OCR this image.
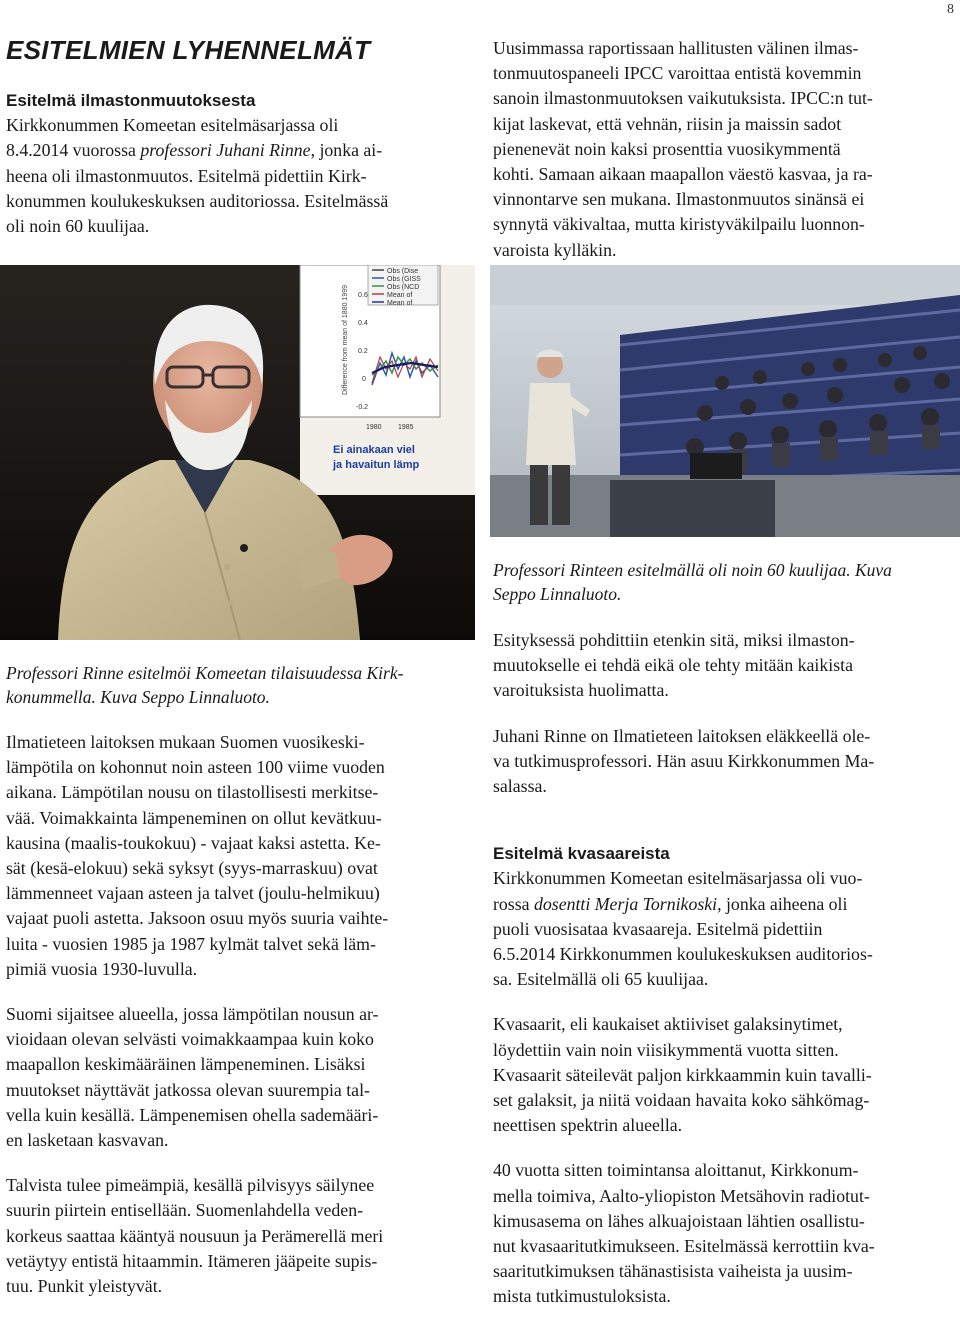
8
ESITELMIEN LYHENNELMÄT
Esitelmä ilmastonmuutoksesta

Kirkkonummen Komeetan esitelmäsarjassa oli

8.4.2014 vuorossa professori Juhani Rinne, jonka ai-

heena oli ilmastonmuutos. Esitelmä pidettiin Kirk-

konummen koulukeskuksen auditoriossa. Esitelmässä

oli noin 60 kuulijaa.

Uusimmassa raportissaan hallitusten välinen ilmas-

tonmuutospaneeli IPCC varoittaa entistä kovemmin

sanoin ilmastonmuutoksen vaikutuksista. IPCC:n tut-

kijat laskevat, että vehnän, riisin ja maissin sadot

pienenevät noin kaksi prosenttia vuosikymmentä

kohti. Samaan aikaan maapallon väestö kasvaa, ja ra-

vinnontarve sen mukana. Ilmastonmuutos sinänsä ei

synnytä väkivaltaa, mutta kiristyväkilpailu luonnon-

varoista kylläkin.

Obs (Dise
Obs (GISS
Obs (NCD
Mean of
Mean of
0.6
0.4
0.2
0
-0.2
1980 1985
Difference from mean of 1880 1999
Ei ainakaan viel
ja havaitun lämp

Professori Rinteen esitelmällä oli noin 60 kuulijaa. Kuva
Seppo Linnaluoto.

Professori Rinne esitelmöi Komeetan tilaisuudessa Kirk-
konummella. Kuva Seppo Linnaluoto.

Ilmatieteen laitoksen mukaan Suomen vuosikeski-

lämpötila on kohonnut noin asteen 100 viime vuoden

aikana. Lämpötilan nousu on tilastollisesti merkitse-

vää. Voimakkainta lämpeneminen on ollut kevätkuu-

kausina (maalis-toukokuu) - vajaat kaksi astetta. Ke-

sät (kesä-elokuu) sekä syksyt (syys-marraskuu) ovat

lämmenneet vajaan asteen ja talvet (joulu-helmikuu)

vajaat puoli astetta. Jaksoon osuu myös suuria vaihte-

luita - vuosien 1985 ja 1987 kylmät talvet sekä läm-

pimiä vuosia 1930-luvulla.

Suomi sijaitsee alueella, jossa lämpötilan nousun ar-

vioidaan olevan selvästi voimakkaampaa kuin koko

maapallon keskimääräinen lämpeneminen. Lisäksi

muutokset näyttävät jatkossa olevan suurempia tal-

vella kuin kesällä. Lämpenemisen ohella sademääri-

en lasketaan kasvavan.

Talvista tulee pimeämpiä, kesällä pilvisyys säilynee

suurin piirtein entisellään. Suomenlahdella veden-

korkeus saattaa kääntyä nousuun ja Perämerellä meri

vetäytyy entistä hitaammin. Itämeren jääpeite supis-

tuu. Punkit yleistyvät.

Esityksessä pohdittiin etenkin sitä, miksi ilmaston-

muutokselle ei tehdä eikä ole tehty mitään kaikista

varoituksista huolimatta.

Juhani Rinne on Ilmatieteen laitoksen eläkkeellä ole-

va tutkimusprofessori. Hän asuu Kirkkonummen Ma-

salassa.

Esitelmä kvasaareista

Kirkkonummen Komeetan esitelmäsarjassa oli vuo-

rossa dosentti Merja Tornikoski, jonka aiheena oli

puoli vuosisataa kvasaareja. Esitelmä pidettiin

6.5.2014 Kirkkonummen koulukeskuksen auditorios-

sa. Esitelmällä oli 65 kuulijaa.

Kvasaarit, eli kaukaiset aktiiviset galaksinytimet,

löydettiin vain noin viisikymmentä vuotta sitten.

Kvasaarit säteilevät paljon kirkkaammin kuin tavalli-

set galaksit, ja niitä voidaan havaita koko sähkömag-

neettisen spektrin alueella.

40 vuotta sitten toimintansa aloittanut, Kirkkonum-

mella toimiva, Aalto-yliopiston Metsähovin radiotut-

kimusasema on lähes alkuajoistaan lähtien osallistu-

nut kvasaaritutkimukseen. Esitelmässä kerrottiin kva-

saaritutkimuksen tähänastisista vaiheista ja uusim-

mista tutkimustuloksista.
